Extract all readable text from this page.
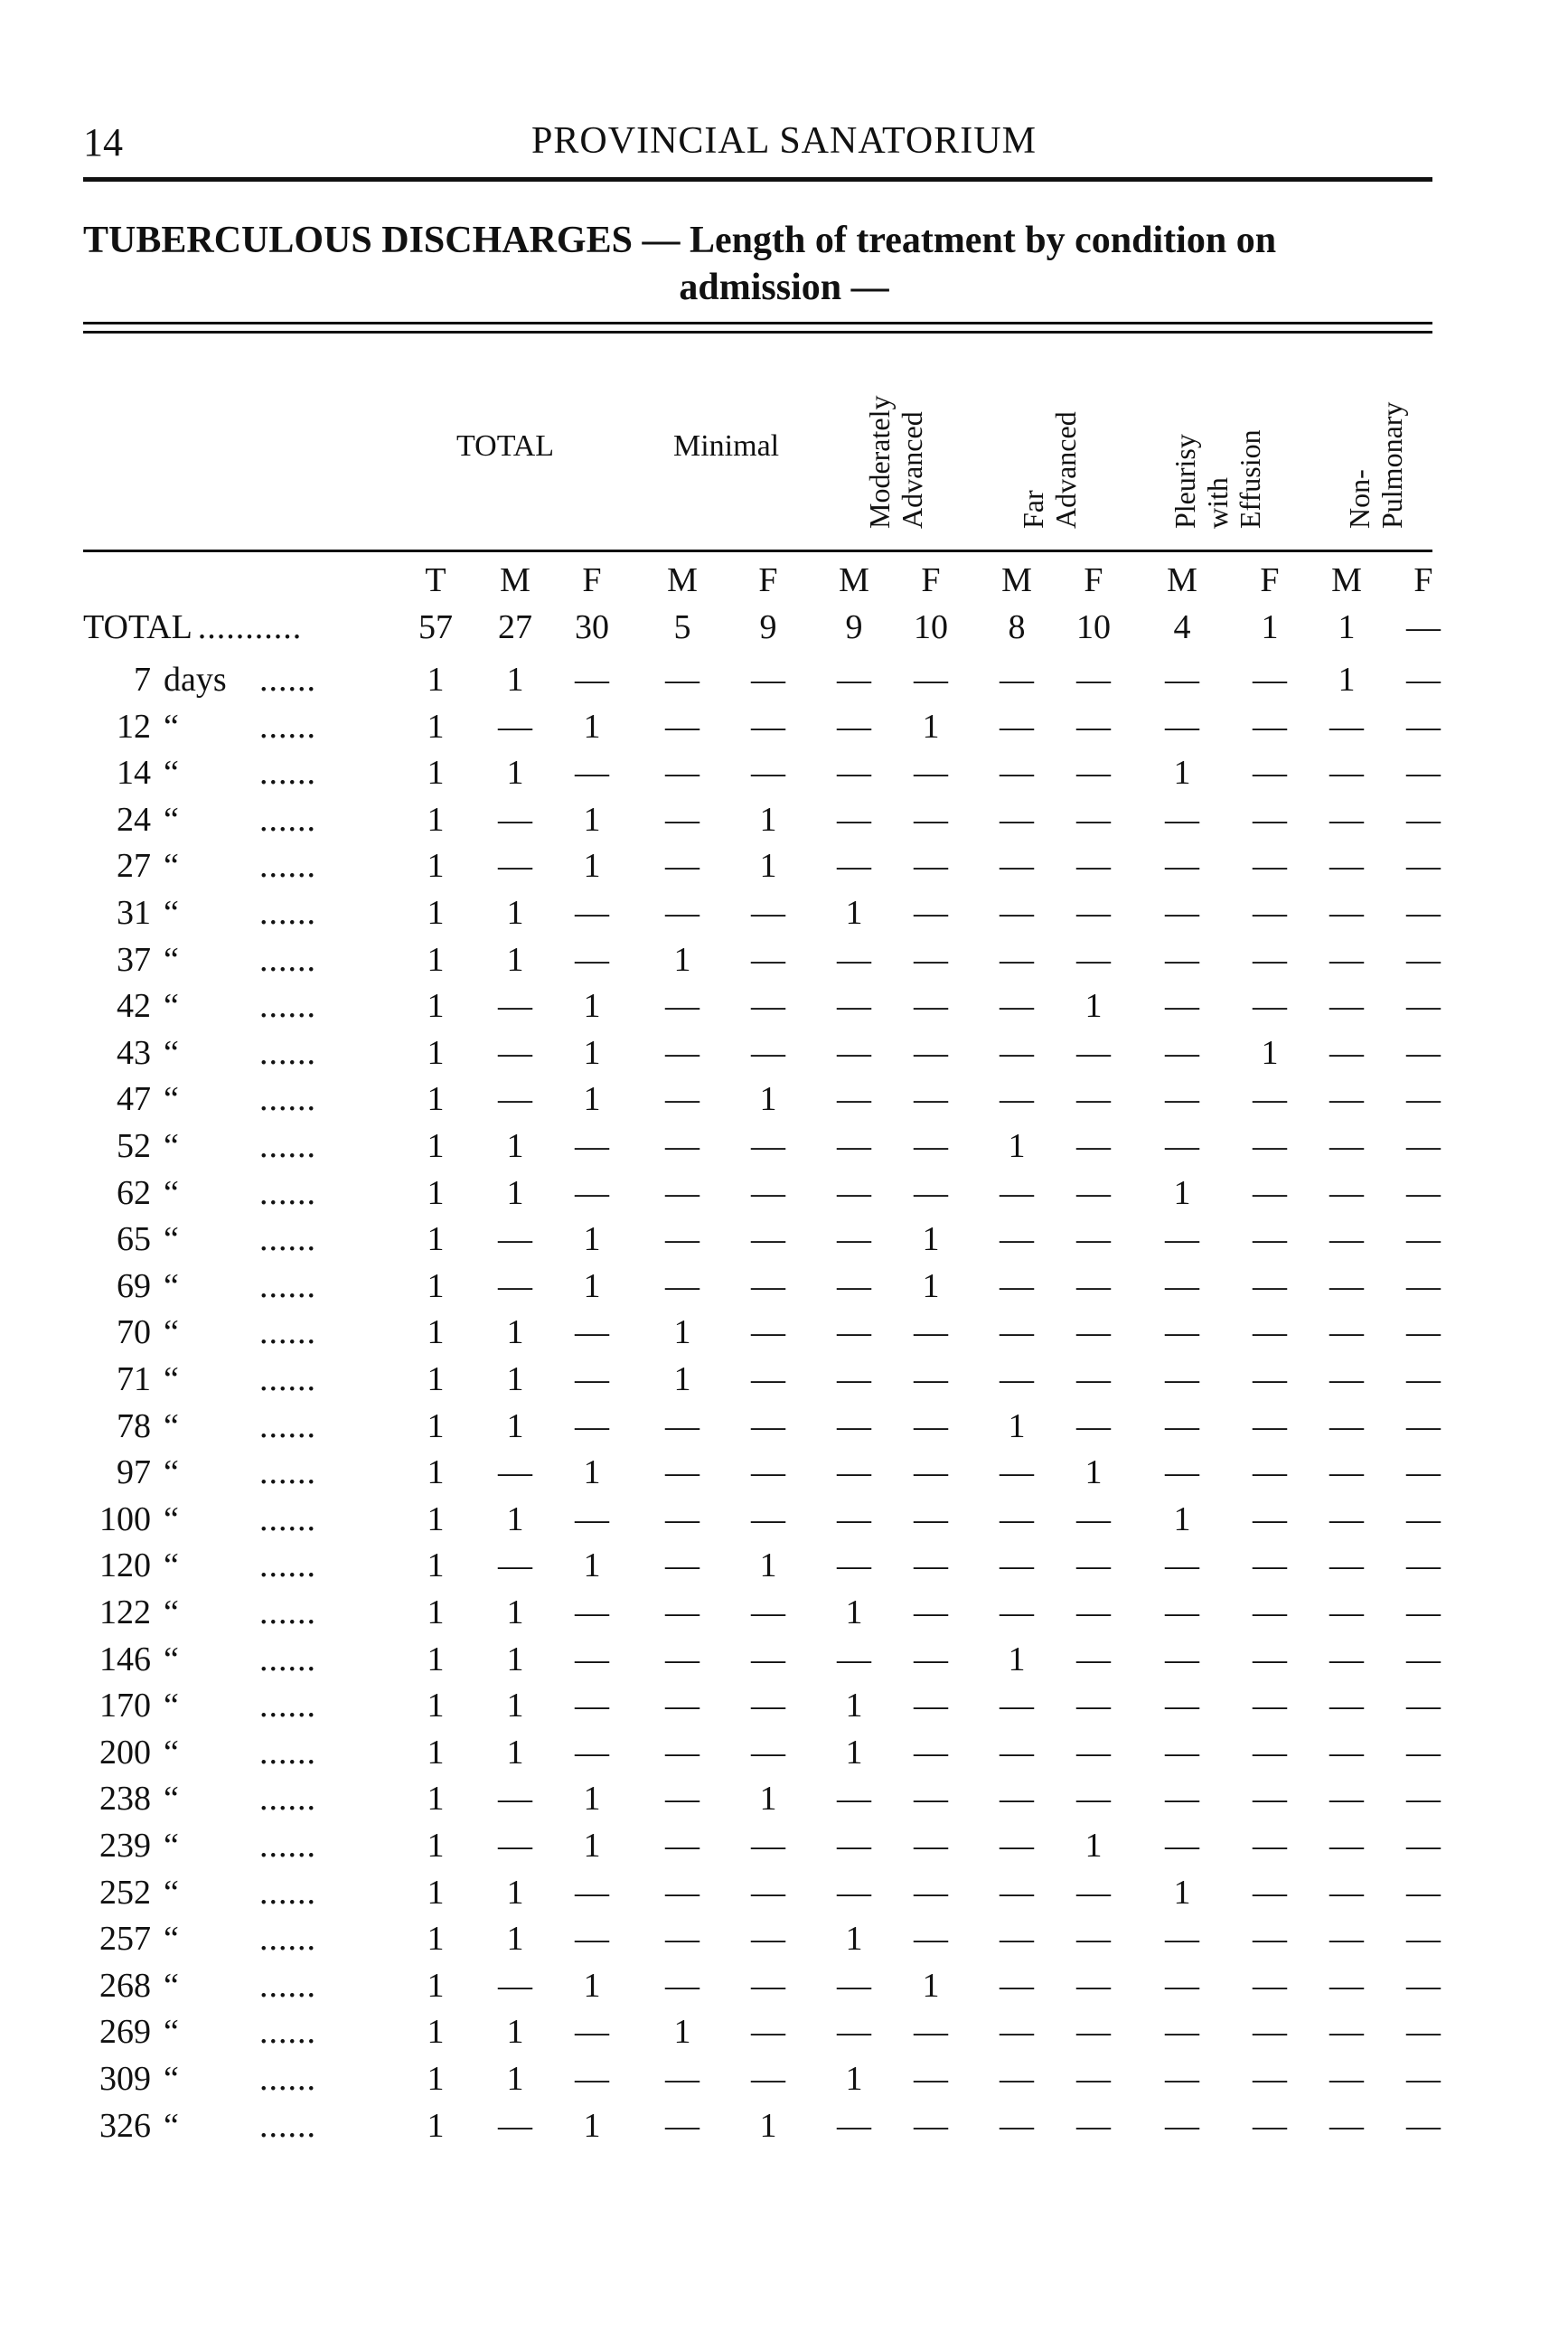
14	PROVINCIAL SANATORIUM
TUBERCULOUS DISCHARGES — Length of treatment by condition on
admission —
TOTAL	Minimal	Moderately Advanced	Far Advanced	Pleurisy with Effusion	Non- Pulmonary
T	M	F	M	F	M	F	M	F	M	F	M	F
TOTAL ...........	57	27	30	5	9	9	10	8	10	4	1	1	—
7 days ......	1	1	—	—	—	—	—	—	—	—	—	1	—
12 “ ......	1	—	1	—	—	—	1	—	—	—	—	—	—
14 “ ......	1	1	—	—	—	—	—	—	—	1	—	—	—
24 “ ......	1	—	1	—	1	—	—	—	—	—	—	—	—
27 “ ......	1	—	1	—	1	—	—	—	—	—	—	—	—
31 “ ......	1	1	—	—	—	1	—	—	—	—	—	—	—
37 “ ......	1	1	—	1	—	—	—	—	—	—	—	—	—
42 “ ......	1	—	1	—	—	—	—	—	1	—	—	—	—
43 “ ......	1	—	1	—	—	—	—	—	—	—	1	—	—
47 “ ......	1	—	1	—	1	—	—	—	—	—	—	—	—
52 “ ......	1	1	—	—	—	—	—	1	—	—	—	—	—
62 “ ......	1	1	—	—	—	—	—	—	—	1	—	—	—
65 “ ......	1	—	1	—	—	—	1	—	—	—	—	—	—
69 “ ......	1	—	1	—	—	—	1	—	—	—	—	—	—
70 “ ......	1	1	—	1	—	—	—	—	—	—	—	—	—
71 “ ......	1	1	—	1	—	—	—	—	—	—	—	—	—
78 “ ......	1	1	—	—	—	—	—	1	—	—	—	—	—
97 “ ......	1	—	1	—	—	—	—	—	1	—	—	—	—
100 “ ......	1	1	—	—	—	—	—	—	—	1	—	—	—
120 “ ......	1	—	1	—	1	—	—	—	—	—	—	—	—
122 “ ......	1	1	—	—	—	1	—	—	—	—	—	—	—
146 “ ......	1	1	—	—	—	—	—	1	—	—	—	—	—
170 “ ......	1	1	—	—	—	1	—	—	—	—	—	—	—
200 “ ......	1	1	—	—	—	1	—	—	—	—	—	—	—
238 “ ......	1	—	1	—	1	—	—	—	—	—	—	—	—
239 “ ......	1	—	1	—	—	—	—	—	1	—	—	—	—
252 “ ......	1	1	—	—	—	—	—	—	—	1	—	—	—
257 “ ......	1	1	—	—	—	1	—	—	—	—	—	—	—
268 “ ......	1	—	1	—	—	—	1	—	—	—	—	—	—
269 “ ......	1	1	—	1	—	—	—	—	—	—	—	—	—
309 “ ......	1	1	—	—	—	1	—	—	—	—	—	—	—
326 “ ......	1	—	1	—	1	—	—	—	—	—	—	—	—
